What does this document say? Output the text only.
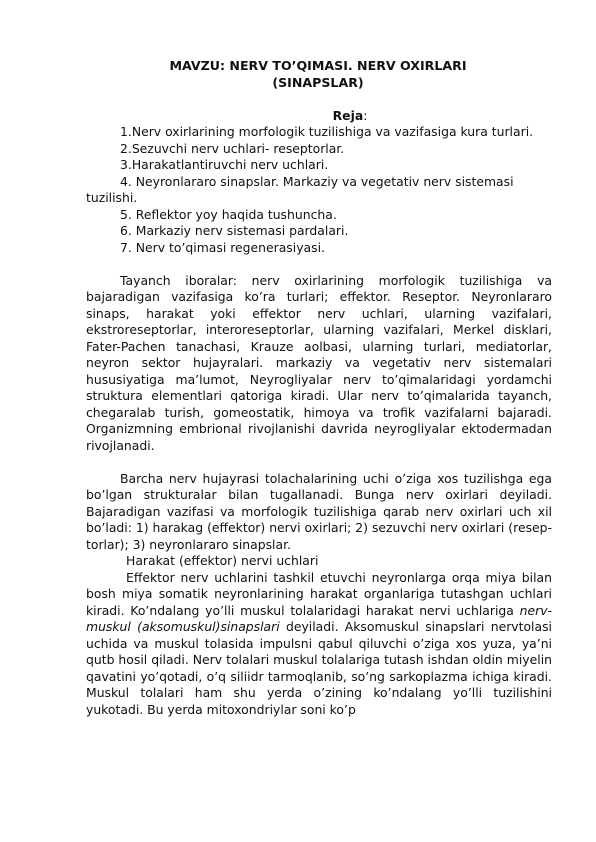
MAVZU: NERV TO’QIMASI. NERV OXIRLARI
(SINAPSLAR)
Reja:

1.Nerv oxirlarining morfologik tuzilishiga va vazifasiga kura turlari.

2.Sezuvchi nerv uchlari- reseptorlar.

3.Harakatlantiruvchi nerv uchlari.

4. Neyronlararo sinapslar. Markaziy va vegetativ nerv sistemasi tuzilishi.

5. Reflektor yoy haqida tushuncha.

6. Markaziy nerv sistemasi pardalari.

7. Nerv to’qimasi regenerasiyasi.

Tayanch iboralar: nerv oxirlarining morfologik tuzilishiga va bajaradigan vazifasiga ko’ra turlari; effektor. Reseptor. Neyronlararo sinaps, harakat yoki effektor nerv uchlari, ularning vazifalari, ekstroreseptorlar, interoreseptorlar, ularning vazifalari, Merkel disklari, Fater-Pachen tanachasi, Krauze aolbasi, ularning turlari, mediatorlar, neyron sektor hujayralari. markaziy va vegetativ nerv sistemalari hususiyatiga ma’lumot, Neyrogliyalar nerv to’qimalaridagi yordamchi struktura elementlari qatoriga kiradi. Ular nerv to’qimalarida tayanch, chegaralab turish, gomeostatik, himoya va trofik vazifalarni bajaradi. Organizmning embrional rivojlanishi davrida neyrogliyalar ektodermadan rivojlanadi.

Barcha nerv hujayrasi tolachalarining uchi o’ziga xos tuzilishga ega bo’lgan strukturalar bilan tugallanadi. Bunga nerv oxirlari deyiladi. Bajaradigan vazifasi va morfologik tuzilishiga qarab nerv oxirlari uch xil bo’ladi: 1) harakag (effektor) nervi oxirlari; 2) sezuvchi nerv oxirlari (resep-torlar); 3) neyronlararo sinapslar.

Harakat (effektor) nervi uchlari

Effektor nerv uchlarini tashkil etuvchi neyronlarga orqa miya bilan bosh miya somatik neyronlarining harakat organlariga tutashgan uchlari kiradi. Ko’ndalang yo’lli muskul tolalaridagi harakat nervi uchlariga nerv-muskul (aksomuskul)sinapslari deyiladi. Aksomuskul sinapslari nervtolasi uchida va muskul tolasida impulsni qabul qiluvchi o’ziga xos yuza, ya’ni qutb hosil qiladi. Nerv tolalari muskul tolalariga tutash ishdan oldin miyelin qavatini yo’qotadi, o’q siliidr tarmoqlanib, so’ng sarkoplazma ichiga kiradi. Muskul tolalari ham shu yerda o’zining ko’ndalang yo’lli tuzilishini yukotadi. Bu yerda mitoxondriylar soni ko’p
